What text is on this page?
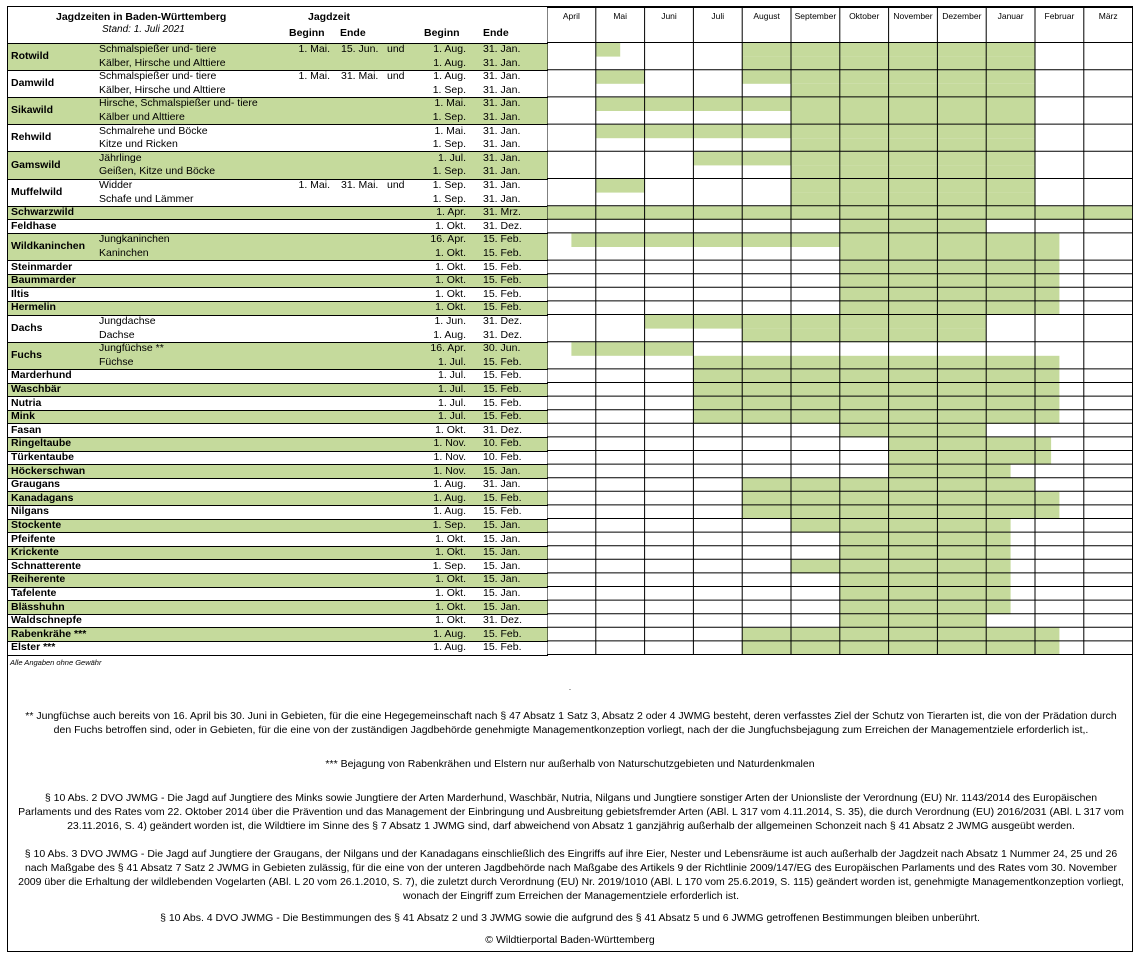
Jagdzeiten in Baden-Württemberg
Stand: 1. Juli 2021
Jagdzeit
Beginn Ende	Beginn Ende
Rotwild
Schmalspießer und- tiere	1. Mai. 15. Jun. und	1. Aug. 31. Jan.
Kälber, Hirsche und Alttiere	1. Aug. 31. Jan.
Damwild
Schmalspießer und- tiere	1. Mai. 31. Mai. und	1. Aug. 31. Jan.
Kälber, Hirsche und Alttiere	1. Sep. 31. Jan.
Sikawild
Hirsche, Schmalspießer und- tiere	1. Mai. 31. Jan.
Kälber und Alttiere	1. Sep. 31. Jan.
Rehwild
Schmalrehe und Böcke	1. Mai. 31. Jan.
Kitze und Ricken	1. Sep. 31. Jan.
Gamswild
Jährlinge	1. Jul. 31. Jan.
Geißen, Kitze und Böcke	1. Sep. 31. Jan.
Muffelwild
Widder	1. Mai. 31. Mai. und	1. Sep. 31. Jan.
Schafe und Lämmer	1. Sep. 31. Jan.
Schwarzwild	1. Apr. 31. Mrz.
Feldhase	1. Okt. 31. Dez.
Wildkaninchen
Jungkaninchen	16. Apr. 15. Feb.
Kaninchen	1. Okt. 15. Feb.
Steinmarder	1. Okt. 15. Feb.
Baummarder	1. Okt. 15. Feb.
Iltis	1. Okt. 15. Feb.
Hermelin	1. Okt. 15. Feb.
Dachs
Jungdachse	1. Jun. 31. Dez.
Dachse	1. Aug. 31. Dez.
Fuchs
Jungfüchse **	16. Apr. 30. Jun.
Füchse	1. Jul. 15. Feb.
Marderhund	1. Jul. 15. Feb.
Waschbär	1. Jul. 15. Feb.
Nutria	1. Jul. 15. Feb.
Mink	1. Jul. 15. Feb.
Fasan	1. Okt. 31. Dez.
Ringeltaube	1. Nov. 10. Feb.
Türkentaube	1. Nov. 10. Feb.
Höckerschwan	1. Nov. 15. Jan.
Graugans	1. Aug. 31. Jan.
Kanadagans	1. Aug. 15. Feb.
Nilgans	1. Aug. 15. Feb.
Stockente	1. Sep. 15. Jan.
Pfeifente	1. Okt. 15. Jan.
Krickente	1. Okt. 15. Jan.
Schnatterente	1. Sep. 15. Jan.
Reiherente	1. Okt. 15. Jan.
Tafelente	1. Okt. 15. Jan.
Blässhuhn	1. Okt. 15. Jan.
Waldschnepfe	1. Okt. 31. Dez.
Rabenkrähe ***	1. Aug. 15. Feb.
Elster ***	1. Aug. 15. Feb.
April	Mai	Juni	Juli	August September Oktober November Dezember Januar Februar	März
Alle Angaben ohne Gewähr
.
** Jungfüchse auch bereits von 16. April bis 30. Juni in Gebieten, für die eine Hegegemeinschaft nach § 47 Absatz 1 Satz 3, Absatz 2 oder 4 JWMG besteht, deren verfasstes Ziel der Schutz von Tierarten ist, die von der Prädation durch den Fuchs betroffen sind, oder in Gebieten, für die eine von der zuständigen Jagdbehörde genehmigte Managementkonzeption vorliegt, nach der die Jungfuchsbejagung zum Erreichen der Managementziele erforderlich ist,.
*** Bejagung von Rabenkrähen und Elstern nur außerhalb von Naturschutzgebieten und Naturdenkmalen
§ 10 Abs. 2 DVO JWMG - Die Jagd auf Jungtiere des Minks sowie Jungtiere der Arten Marderhund, Waschbär, Nutria, Nilgans und Jungtiere sonstiger Arten der Unionsliste der Verordnung (EU) Nr. 1143/2014 des Europäischen Parlaments und des Rates vom 22. Oktober 2014 über die Prävention und das Management der Einbringung und Ausbreitung gebietsfremder Arten (ABl. L 317 vom 4.11.2014, S. 35), die durch Verordnung (EU) 2016/2031 (ABl. L 317 vom 23.11.2016, S. 4) geändert worden ist, die Wildtiere im Sinne des § 7 Absatz 1 JWMG sind, darf abweichend von Absatz 1 ganzjährig außerhalb der allgemeinen Schonzeit nach § 41 Absatz 2 JWMG ausgeübt werden.
§ 10 Abs. 3 DVO JWMG - Die Jagd auf Jungtiere der Graugans, der Nilgans und der Kanadagans einschließlich des Eingriffs auf ihre Eier, Nester und Lebensräume ist auch außerhalb der Jagdzeit nach Absatz 1 Nummer 24, 25 und 26 nach Maßgabe des § 41 Absatz 7 Satz 2 JWMG in Gebieten zulässig, für die eine von der unteren Jagdbehörde nach Maßgabe des Artikels 9 der Richtlinie 2009/147/EG des Europäischen Parlaments und des Rates vom 30. November 2009 über die Erhaltung der wildlebenden Vogelarten (ABl. L 20 vom 26.1.2010, S. 7), die zuletzt durch Verordnung (EU) Nr. 2019/1010 (ABl. L 170 vom 25.6.2019, S. 115) geändert worden ist, genehmigte Managementkonzeption vorliegt, wonach der Eingriff zum Erreichen der Managementziele erforderlich ist.
§ 10 Abs. 4 DVO JWMG - Die Bestimmungen des § 41 Absatz 2 und 3 JWMG sowie die aufgrund des § 41 Absatz 5 und 6 JWMG getroffenen Bestimmungen bleiben unberührt.
© Wildtierportal Baden-Württemberg
